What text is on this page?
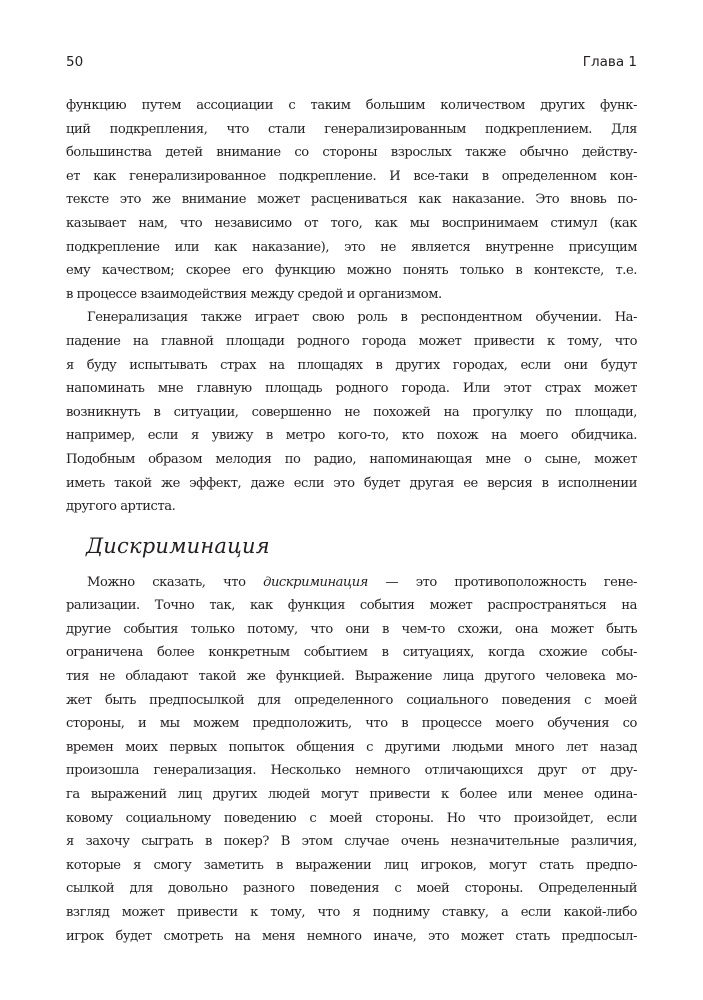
50	Глава 1
функцию путем ассоциации с таким большим количеством других функ-
ций подкрепления, что стали генерализированным подкреплением. Для
большинства детей внимание со стороны взрослых также обычно действу-
ет как генерализированное подкрепление. И все-таки в определенном кон-
тексте это же внимание может расцениваться как наказание. Это вновь по-
казывает нам, что независимо от того, как мы воспринимаем стимул (как
подкрепление или как наказание), это не является внутренне присущим
ему качеством; скорее его функцию можно понять только в контексте, т.е.
в процессе взаимодействия между средой и организмом.
Генерализация также играет свою роль в респондентном обучении. На-
падение на главной площади родного города может привести к тому, что
я буду испытывать страх на площадях в других городах, если они будут
напоминать мне главную площадь родного города. Или этот страх может
возникнуть в ситуации, совершенно не похожей на прогулку по площади,
например, если я увижу в метро кого-то, кто похож на моего обидчика.
Подобным образом мелодия по радио, напоминающая мне о сыне, может
иметь такой же эффект, даже если это будет другая ее версия в исполнении
другого артиста.
Дискриминация
Можно сказать, что дискриминация — это противоположность гене-
рализации. Точно так, как функция события может распространяться на
другие события только потому, что они в чем-то схожи, она может быть
ограничена более конкретным событием в ситуациях, когда схожие собы-
тия не обладают такой же функцией. Выражение лица другого человека мо-
жет быть предпосылкой для определенного социального поведения с моей
стороны, и мы можем предположить, что в процессе моего обучения со
времен моих первых попыток общения с другими людьми много лет назад
произошла генерализация. Несколько немного отличающихся друг от дру-
га выражений лиц других людей могут привести к более или менее одина-
ковому социальному поведению с моей стороны. Но что произойдет, если
я захочу сыграть в покер? В этом случае очень незначительные различия,
которые я смогу заметить в выражении лиц игроков, могут стать предпо-
сылкой для довольно разного поведения с моей стороны. Определенный
взгляд может привести к тому, что я подниму ставку, а если какой-либо
игрок будет смотреть на меня немного иначе, это может стать предпосыл-
